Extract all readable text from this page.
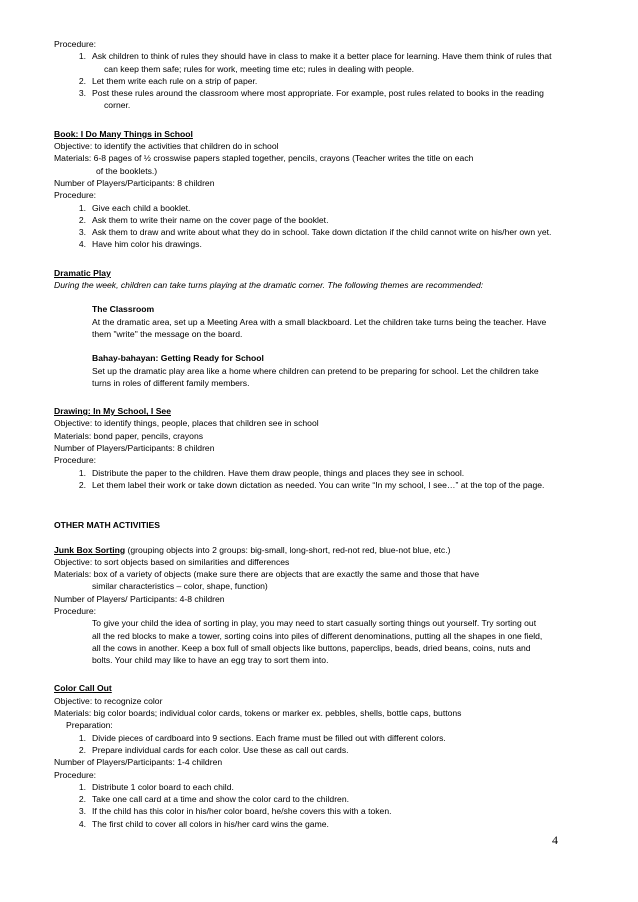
Procedure:
1. Ask children to think of rules they should have in class to make it a better place for learning. Have them think of rules that
can keep them safe; rules for work, meeting time etc; rules in dealing with people.
2. Let them write each rule on a strip of paper.
3. Post these rules around the classroom where most appropriate. For example, post rules related to books in the reading
corner.
Book: I Do Many Things in School
Objective: to identify the activities that children do in school
Materials: 6-8 pages of ½ crosswise papers stapled together, pencils, crayons (Teacher writes the title on each
of the booklets.)
Number of Players/Participants: 8 children
Procedure:
1. Give each child a booklet.
2. Ask them to write their name on the cover page of the booklet.
3. Ask them to draw and write about what they do in school. Take down dictation if the child cannot write on his/her own yet.
4. Have him color his drawings.
Dramatic Play
During the week, children can take turns playing at the dramatic corner. The following themes are recommended:
The Classroom
At the dramatic area, set up a Meeting Area with a small blackboard. Let the children take turns being the teacher. Have
them "write" the message on the board.
Bahay-bahayan: Getting Ready for School
Set up the dramatic play area like a home where children can pretend to be preparing for school. Let the children take
turns in roles of different family members.
Drawing: In My School, I See
Objective: to identify things, people, places that children see in school
Materials: bond paper, pencils, crayons
Number of Players/Participants: 8 children
Procedure:
1. Distribute the paper to the children. Have them draw people, things and places they see in school.
2. Let them label their work or take down dictation as needed. You can write “In my school, I see…” at the top of the page.
OTHER MATH ACTIVITIES
Junk Box Sorting (grouping objects into 2 groups: big-small, long-short, red-not red, blue-not blue, etc.)
Objective: to sort objects based on similarities and differences
Materials: box of a variety of objects (make sure there are objects that are exactly the same and those that have
similar characteristics – color, shape, function)
Number of Players/ Participants: 4-8 children
Procedure:
To give your child the idea of sorting in play, you may need to start casually sorting things out yourself. Try sorting out
all the red blocks to make a tower, sorting coins into piles of different denominations, putting all the shapes in one field,
all the cows in another. Keep a box full of small objects like buttons, paperclips, beads, dried beans, coins, nuts and
bolts. Your child may like to have an egg tray to sort them into.
Color Call Out
Objective: to recognize color
Materials: big color boards; individual color cards, tokens or marker ex. pebbles, shells, bottle caps, buttons
Preparation:
1. Divide pieces of cardboard into 9 sections. Each frame must be filled out with different colors.
2. Prepare individual cards for each color. Use these as call out cards.
Number of Players/Participants: 1-4 children
Procedure:
1. Distribute 1 color board to each child.
2. Take one call card at a time and show the color card to the children.
3. If the child has this color in his/her color board, he/she covers this with a token.
4. The first child to cover all colors in his/her card wins the game.
4
